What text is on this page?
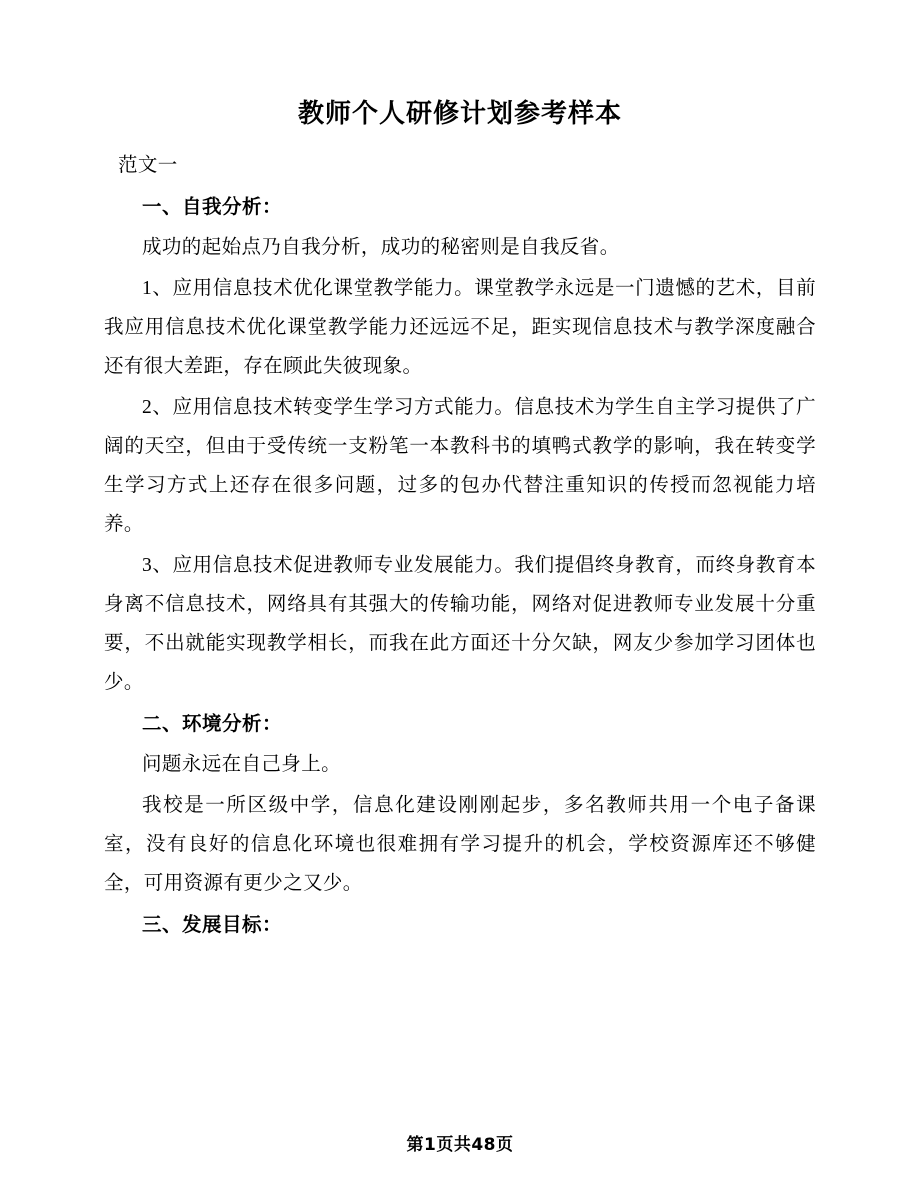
教师个人研修计划参考样本

范文一

一、自我分析：

成功的起始点乃自我分析，成功的秘密则是自我反省。

1、应用信息技术优化课堂教学能力。课堂教学永远是一门遗憾的艺术，目前我应用信息技术优化课堂教学能力还远远不足，距实现信息技术与教学深度融合还有很大差距，存在顾此失彼现象。

2、应用信息技术转变学生学习方式能力。信息技术为学生自主学习提供了广阔的天空，但由于受传统一支粉笔一本教科书的填鸭式教学的影响，我在转变学生学习方式上还存在很多问题，过多的包办代替注重知识的传授而忽视能力培养。

3、应用信息技术促进教师专业发展能力。我们提倡终身教育，而终身教育本身离不信息技术，网络具有其强大的传输功能，网络对促进教师专业发展十分重要，不出就能实现教学相长，而我在此方面还十分欠缺，网友少参加学习团体也少。

二、环境分析：

问题永远在自己身上。

我校是一所区级中学，信息化建设刚刚起步，多名教师共用一个电子备课室，没有良好的信息化环境也很难拥有学习提升的机会，学校资源库还不够健全，可用资源有更少之又少。

三、发展目标：

第1页共48页
